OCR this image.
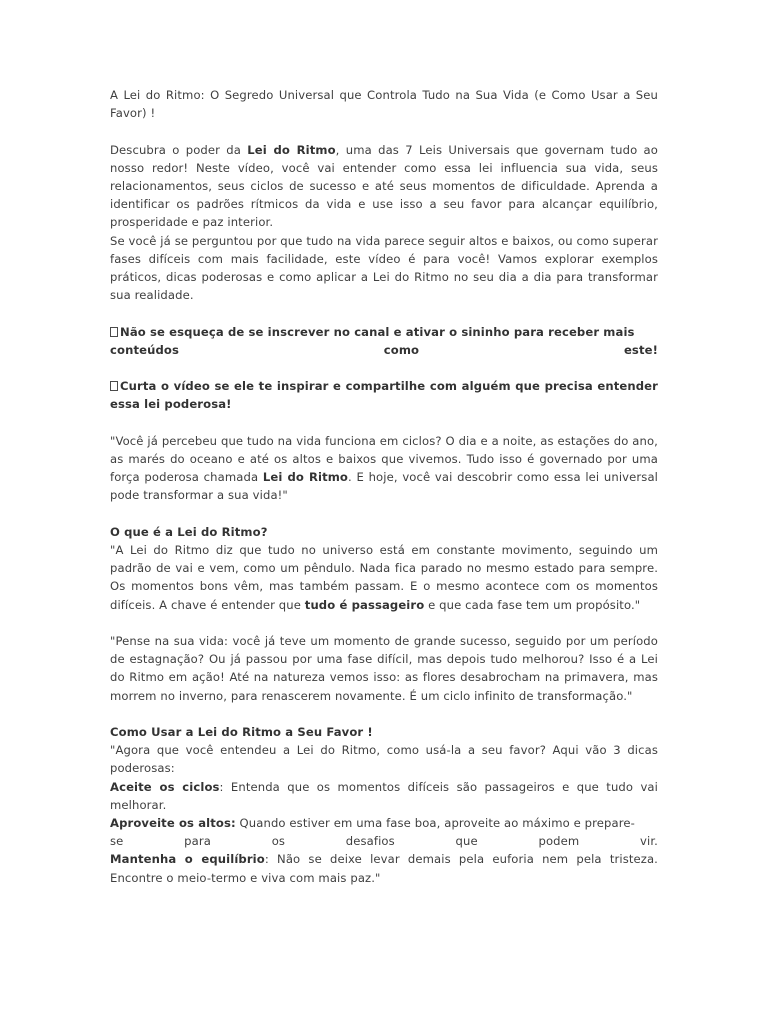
A Lei do Ritmo: O Segredo Universal que Controla Tudo na Sua Vida (e Como Usar a Seu Favor) !

Descubra o poder da Lei do Ritmo, uma das 7 Leis Universais que governam tudo ao nosso redor! Neste vídeo, você vai entender como essa lei influencia sua vida, seus relacionamentos, seus ciclos de sucesso e até seus momentos de dificuldade. Aprenda a identificar os padrões rítmicos da vida e use isso a seu favor para alcançar equilíbrio, prosperidade e paz interior.

Se você já se perguntou por que tudo na vida parece seguir altos e baixos, ou como superar fases difíceis com mais facilidade, este vídeo é para você! Vamos explorar exemplos práticos, dicas poderosas e como aplicar a Lei do Ritmo no seu dia a dia para transformar sua realidade.

Não se esqueça de se inscrever no canal e ativar o sininho para receber mais

conteúdos	como	este!

Curta o vídeo se ele te inspirar e compartilhe com alguém que precisa entender essa lei poderosa!

"Você já percebeu que tudo na vida funciona em ciclos? O dia e a noite, as estações do ano, as marés do oceano e até os altos e baixos que vivemos. Tudo isso é governado por uma força poderosa chamada Lei do Ritmo. E hoje, você vai descobrir como essa lei universal pode transformar a sua vida!"

O que é a Lei do Ritmo?

"A Lei do Ritmo diz que tudo no universo está em constante movimento, seguindo um padrão de vai e vem, como um pêndulo. Nada fica parado no mesmo estado para sempre. Os momentos bons vêm, mas também passam. E o mesmo acontece com os momentos difíceis. A chave é entender que tudo é passageiro e que cada fase tem um propósito."

"Pense na sua vida: você já teve um momento de grande sucesso, seguido por um período de estagnação? Ou já passou por uma fase difícil, mas depois tudo melhorou? Isso é a Lei do Ritmo em ação! Até na natureza vemos isso: as flores desabrocham na primavera, mas morrem no inverno, para renascerem novamente. É um ciclo infinito de transformação."

Como Usar a Lei do Ritmo a Seu Favor !

"Agora que você entendeu a Lei do Ritmo, como usá-la a seu favor? Aqui vão 3 dicas poderosas:

Aceite os ciclos: Entenda que os momentos difíceis são passageiros e que tudo vai melhorar.

Aproveite os altos: Quando estiver em uma fase boa, aproveite ao máximo e prepare-

se	para	os	desafios	que	podem	vir.

Mantenha o equilíbrio: Não se deixe levar demais pela euforia nem pela tristeza. Encontre o meio-termo e viva com mais paz."
